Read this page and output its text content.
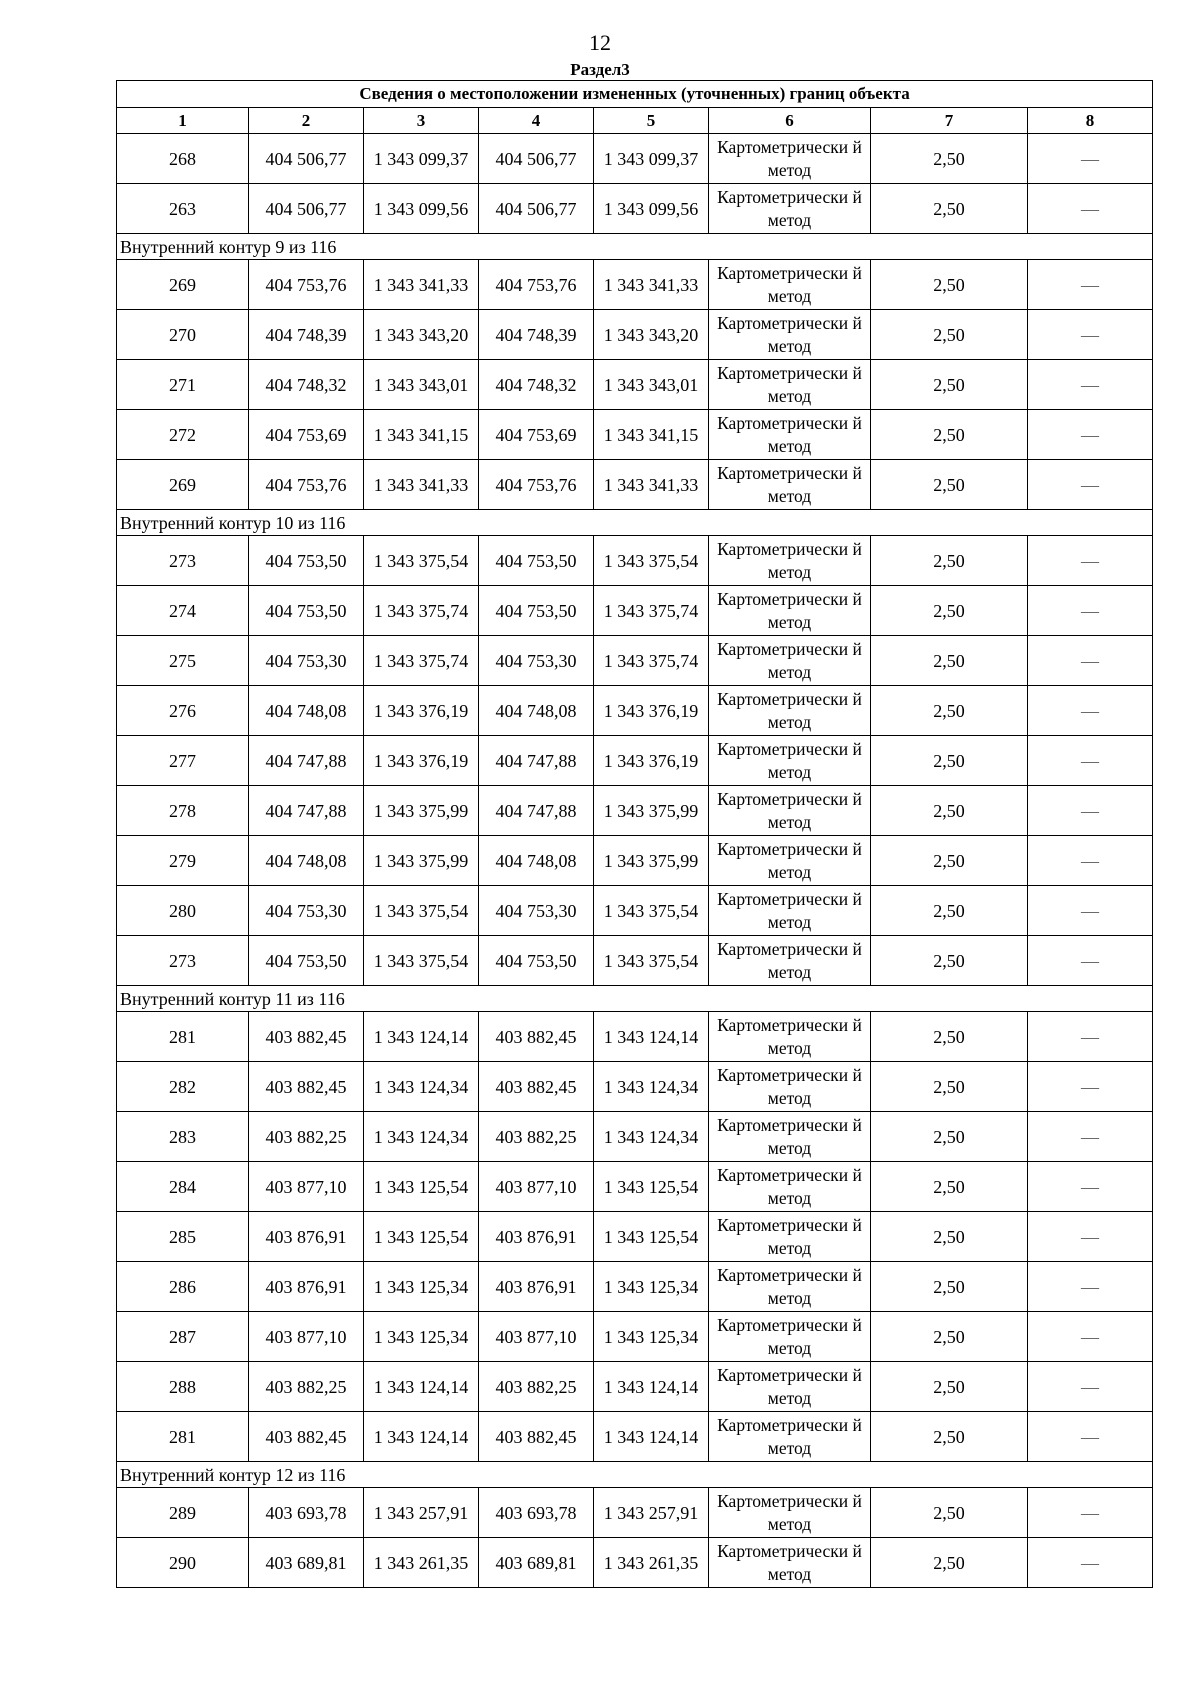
12
Раздел3
Сведения о местоположении измененных (уточненных) границ объекта							
1	2	3	4	5	6	7	8
268	404 506,77	1 343 099,37	404 506,77	1 343 099,37	Картометрически й метод	2,50	—
263	404 506,77	1 343 099,56	404 506,77	1 343 099,56	Картометрически й метод	2,50	—
Внутренний контур 9 из 116							
269	404 753,76	1 343 341,33	404 753,76	1 343 341,33	Картометрически й метод	2,50	—
270	404 748,39	1 343 343,20	404 748,39	1 343 343,20	Картометрически й метод	2,50	—
271	404 748,32	1 343 343,01	404 748,32	1 343 343,01	Картометрически й метод	2,50	—
272	404 753,69	1 343 341,15	404 753,69	1 343 341,15	Картометрически й метод	2,50	—
269	404 753,76	1 343 341,33	404 753,76	1 343 341,33	Картометрически й метод	2,50	—
Внутренний контур 10 из 116							
273	404 753,50	1 343 375,54	404 753,50	1 343 375,54	Картометрически й метод	2,50	—
274	404 753,50	1 343 375,74	404 753,50	1 343 375,74	Картометрически й метод	2,50	—
275	404 753,30	1 343 375,74	404 753,30	1 343 375,74	Картометрически й метод	2,50	—
276	404 748,08	1 343 376,19	404 748,08	1 343 376,19	Картометрически й метод	2,50	—
277	404 747,88	1 343 376,19	404 747,88	1 343 376,19	Картометрически й метод	2,50	—
278	404 747,88	1 343 375,99	404 747,88	1 343 375,99	Картометрически й метод	2,50	—
279	404 748,08	1 343 375,99	404 748,08	1 343 375,99	Картометрически й метод	2,50	—
280	404 753,30	1 343 375,54	404 753,30	1 343 375,54	Картометрически й метод	2,50	—
273	404 753,50	1 343 375,54	404 753,50	1 343 375,54	Картометрически й метод	2,50	—
Внутренний контур 11 из 116							
281	403 882,45	1 343 124,14	403 882,45	1 343 124,14	Картометрически й метод	2,50	—
282	403 882,45	1 343 124,34	403 882,45	1 343 124,34	Картометрически й метод	2,50	—
283	403 882,25	1 343 124,34	403 882,25	1 343 124,34	Картометрически й метод	2,50	—
284	403 877,10	1 343 125,54	403 877,10	1 343 125,54	Картометрически й метод	2,50	—
285	403 876,91	1 343 125,54	403 876,91	1 343 125,54	Картометрически й метод	2,50	—
286	403 876,91	1 343 125,34	403 876,91	1 343 125,34	Картометрически й метод	2,50	—
287	403 877,10	1 343 125,34	403 877,10	1 343 125,34	Картометрически й метод	2,50	—
288	403 882,25	1 343 124,14	403 882,25	1 343 124,14	Картометрически й метод	2,50	—
281	403 882,45	1 343 124,14	403 882,45	1 343 124,14	Картометрически й метод	2,50	—
Внутренний контур 12 из 116							
289	403 693,78	1 343 257,91	403 693,78	1 343 257,91	Картометрически й метод	2,50	—
290	403 689,81	1 343 261,35	403 689,81	1 343 261,35	Картометрически й метод	2,50	—
